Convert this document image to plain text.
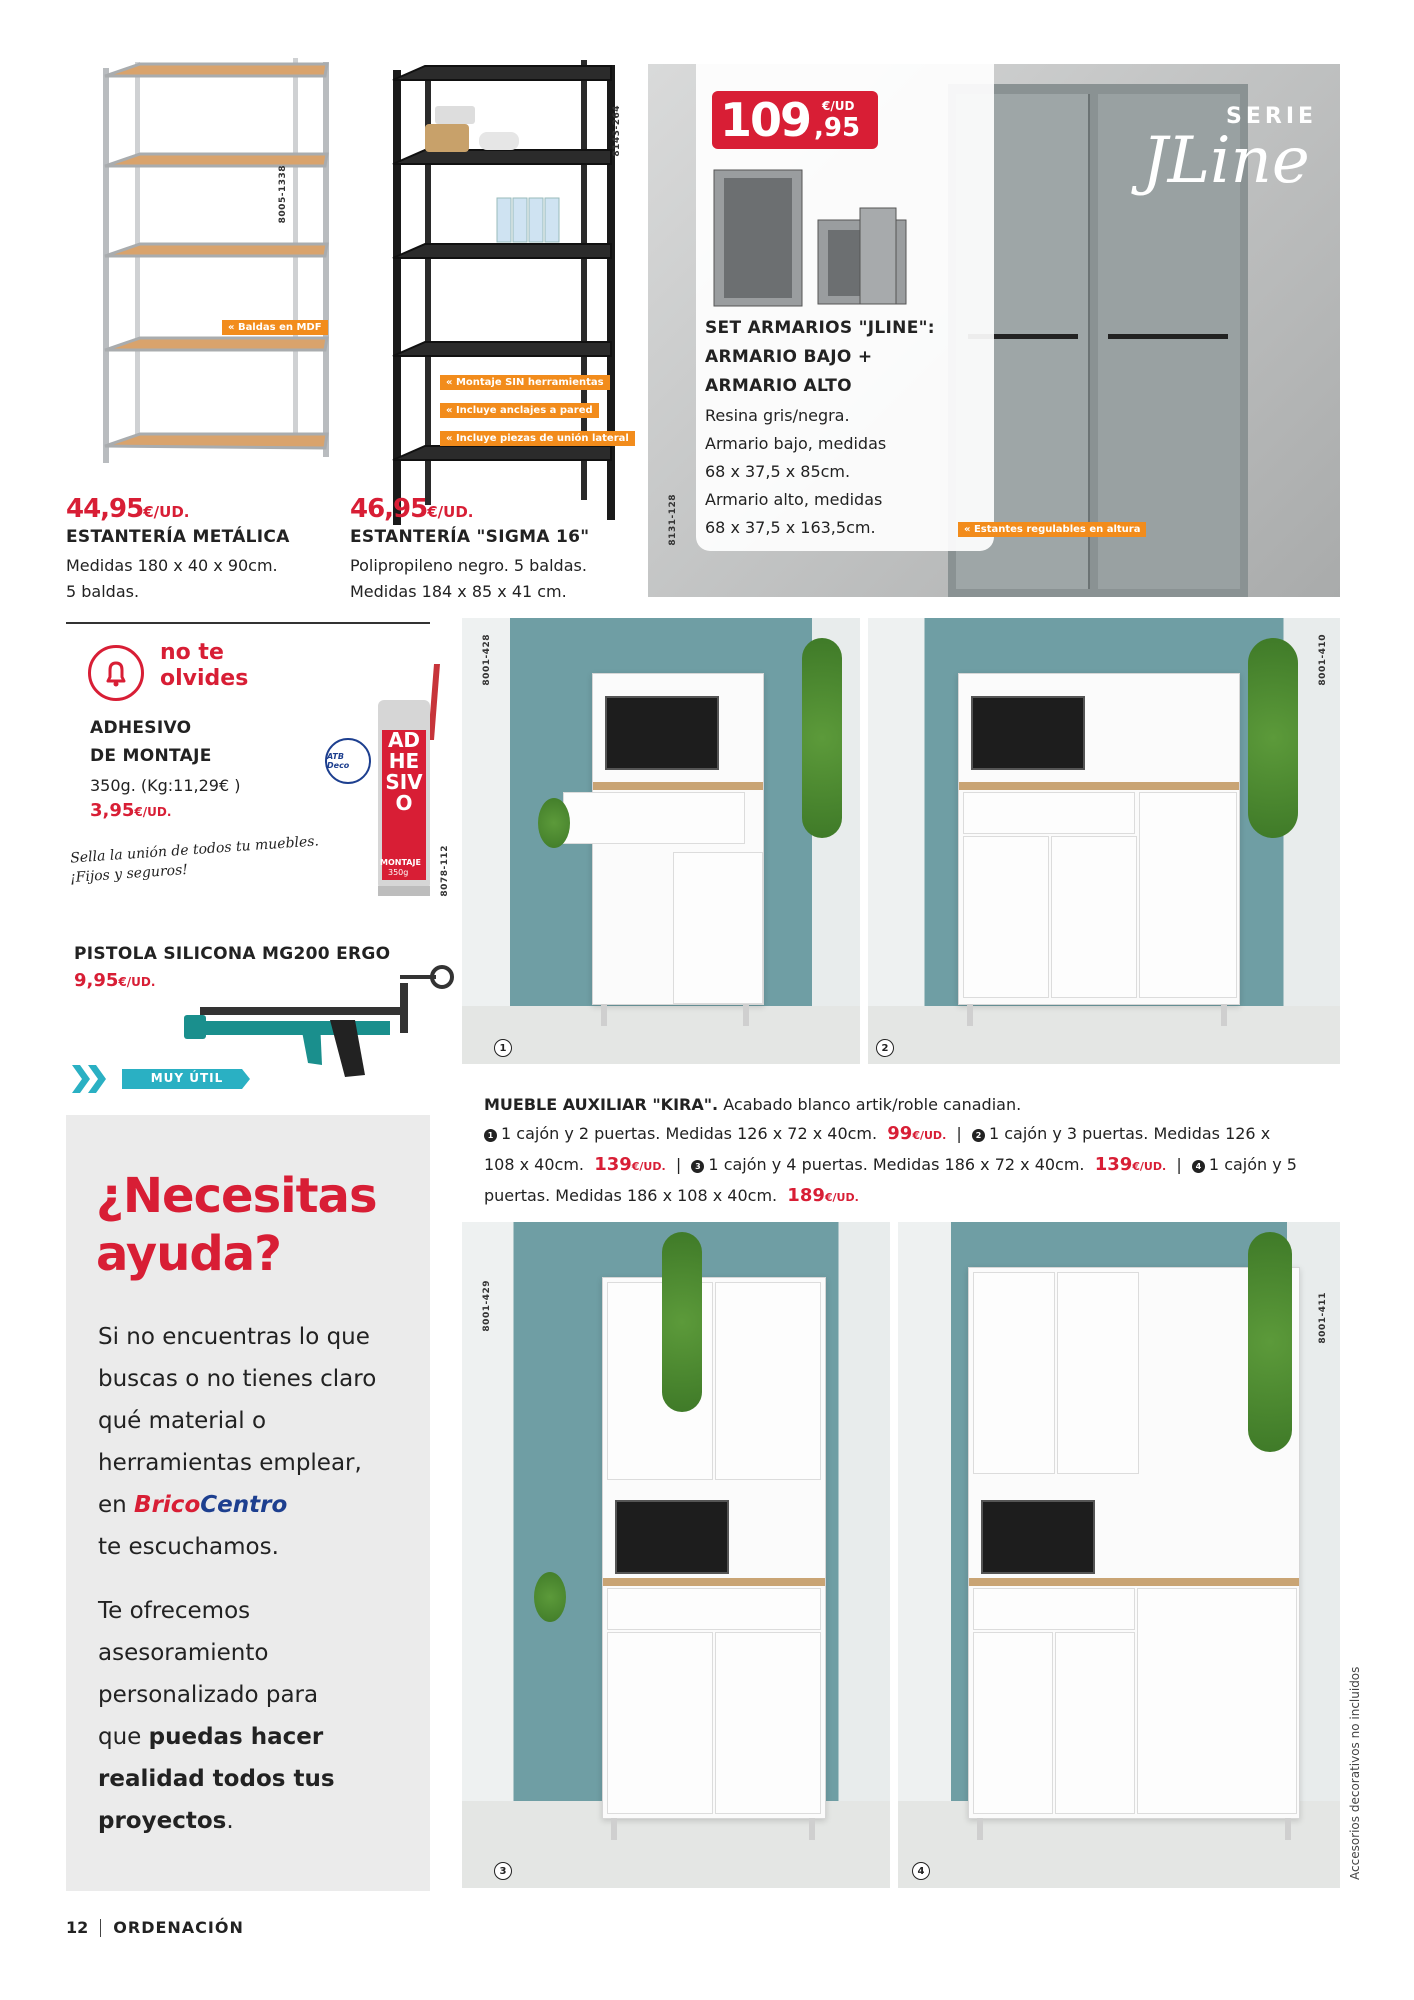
8005-1338
« Baldas en MDF
44,95€/UD.
ESTANTERÍA METÁLICA
Medidas 180 x 40 x 90cm.
5 baldas.
8143-264
« Montaje SIN herramientas
« Incluye anclajes a pared
« Incluye piezas de unión lateral
46,95€/UD.
ESTANTERÍA "SIGMA 16"
Polipropileno negro. 5 baldas.
Medidas 184 x 85 x 41 cm.
SERIE
JLine
109 €/UD
,95
8131-128
SET ARMARIOS "JLINE":
ARMARIO BAJO +
ARMARIO ALTO
Resina gris/negra.
Armario bajo, medidas
68 x 37,5 x 85cm.
Armario alto, medidas
68 x 37,5 x 163,5cm.	« Estantes regulables en altura
no te
olvides
ADHESIVO
DE MONTAJE
350g. (Kg:11,29€ )
3,95€/UD.
Sella la unión de todos tu muebles.
¡Fijos y seguros!
ATB Deco
ADHESIVO
MONTAJE
350g	8078-112
PISTOLA SILICONA MG200 ERGO
9,95€/UD.
MUY ÚTIL
¿Necesitas
ayuda?
Si no encuentras lo que
buscas o no tienes claro
qué material o
herramientas emplear,
en BricoCentro
te escuchamos.
Te ofrecemos
asesoramiento
personalizado para
que puedas hacer
realidad todos tus
proyectos.
8001-428	8001-410
1	2
MUEBLE AUXILIAR "KIRA". Acabado blanco artik/roble canadian.
1 1 cajón y 2 puertas. Medidas 126 x 72 x 40cm. 99€/UD. | 2 1 cajón y 3 puertas. Medidas 126 x
108 x 40cm. 139€/UD. | 3 1 cajón y 4 puertas. Medidas 186 x 72 x 40cm. 139€/UD. | 4 1 cajón y 5
puertas. Medidas 186 x 108 x 40cm. 189€/UD.
8001-429	8001-411
3	4	Accesorios decorativos no incluidos
12 ORDENACIÓN
